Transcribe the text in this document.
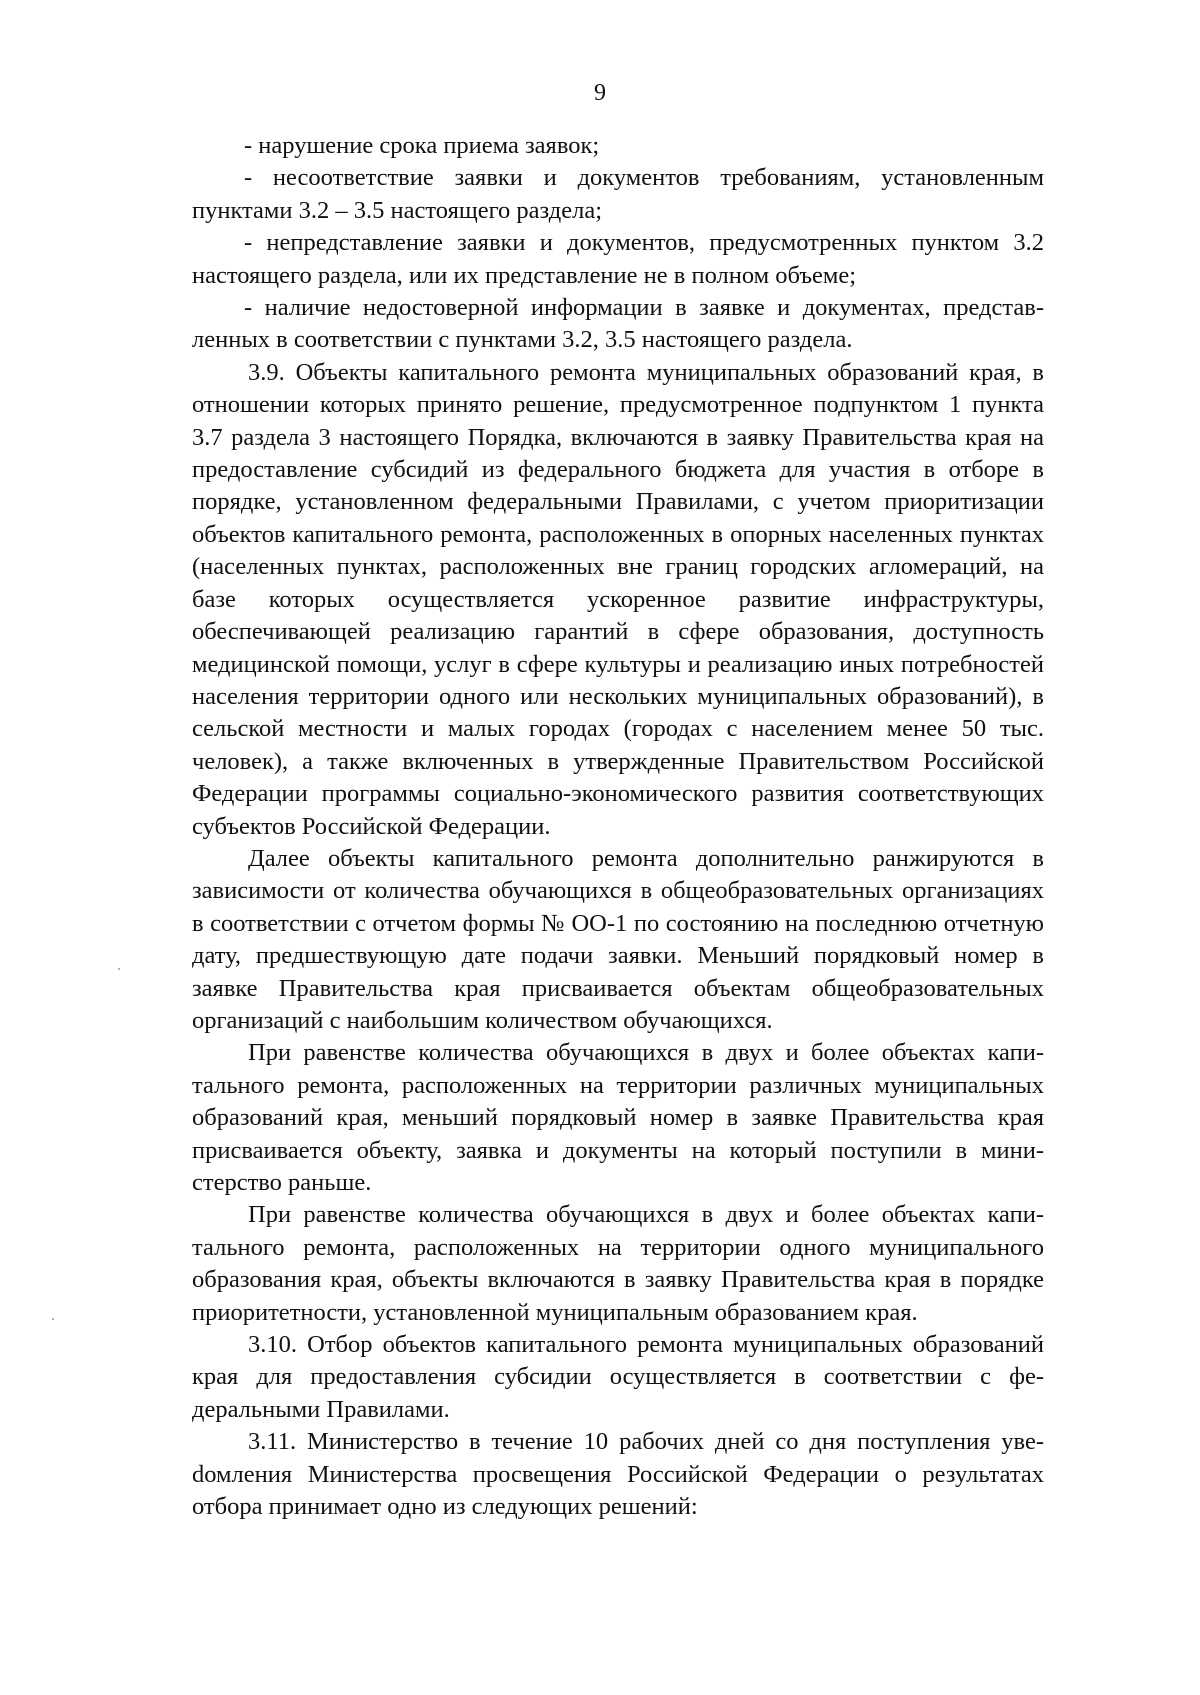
9

- нарушение срока приема заявок;

- несоответствие заявки и документов требованиям, установленным пунктами 3.2 – 3.5 настоящего раздела;

- непредставление заявки и документов, предусмотренных пунктом 3.2 настоящего раздела, или их представление не в полном объеме;

- наличие недостоверной информации в заявке и документах, представленных в соответствии с пунктами 3.2, 3.5 настоящего раздела.

3.9. Объекты капитального ремонта муниципальных образований края, в отношении которых принято решение, предусмотренное подпунктом 1 пункта 3.7 раздела 3 настоящего Порядка, включаются в заявку Правительства края на предоставление субсидий из федерального бюджета для участия в отборе в порядке, установленном федеральными Правилами, с учетом приоритизации объектов капитального ремонта, расположенных в опорных населенных пунктах (населенных пунктах, расположенных вне границ городских агломераций, на базе которых осуществляется ускоренное развитие инфраструктуры, обеспечивающей реализацию гарантий в сфере образования, доступность медицинской помощи, услуг в сфере культуры и реализацию иных потребностей населения территории одного или нескольких муниципальных образований), в сельской местности и малых городах (городах с населением менее 50 тыс. человек), а также включенных в утвержденные Правительством Российской Федерации программы социально-экономического развития соответствующих субъектов Российской Федерации.

Далее объекты капитального ремонта дополнительно ранжируются в зависимости от количества обучающихся в общеобразовательных организациях в соответствии с отчетом формы № ОО-1 по состоянию на последнюю отчетную дату, предшествующую дате подачи заявки. Меньший порядковый номер в заявке Правительства края присваивается объектам общеобразовательных организаций с наибольшим количеством обучающихся.

При равенстве количества обучающихся в двух и более объектах капитального ремонта, расположенных на территории различных муниципальных образований края, меньший порядковый номер в заявке Правительства края присваивается объекту, заявка и документы на который поступили в министерство раньше.

При равенстве количества обучающихся в двух и более объектах капитального ремонта, расположенных на территории одного муниципального образования края, объекты включаются в заявку Правительства края в порядке приоритетности, установленной муниципальным образованием края.

3.10. Отбор объектов капитального ремонта муниципальных образований края для предоставления субсидии осуществляется в соответствии с федеральными Правилами.

3.11. Министерство в течение 10 рабочих дней со дня поступления увеdомления Министерства просвещения Российской Федерации о результатах отбора принимает одно из следующих решений:
